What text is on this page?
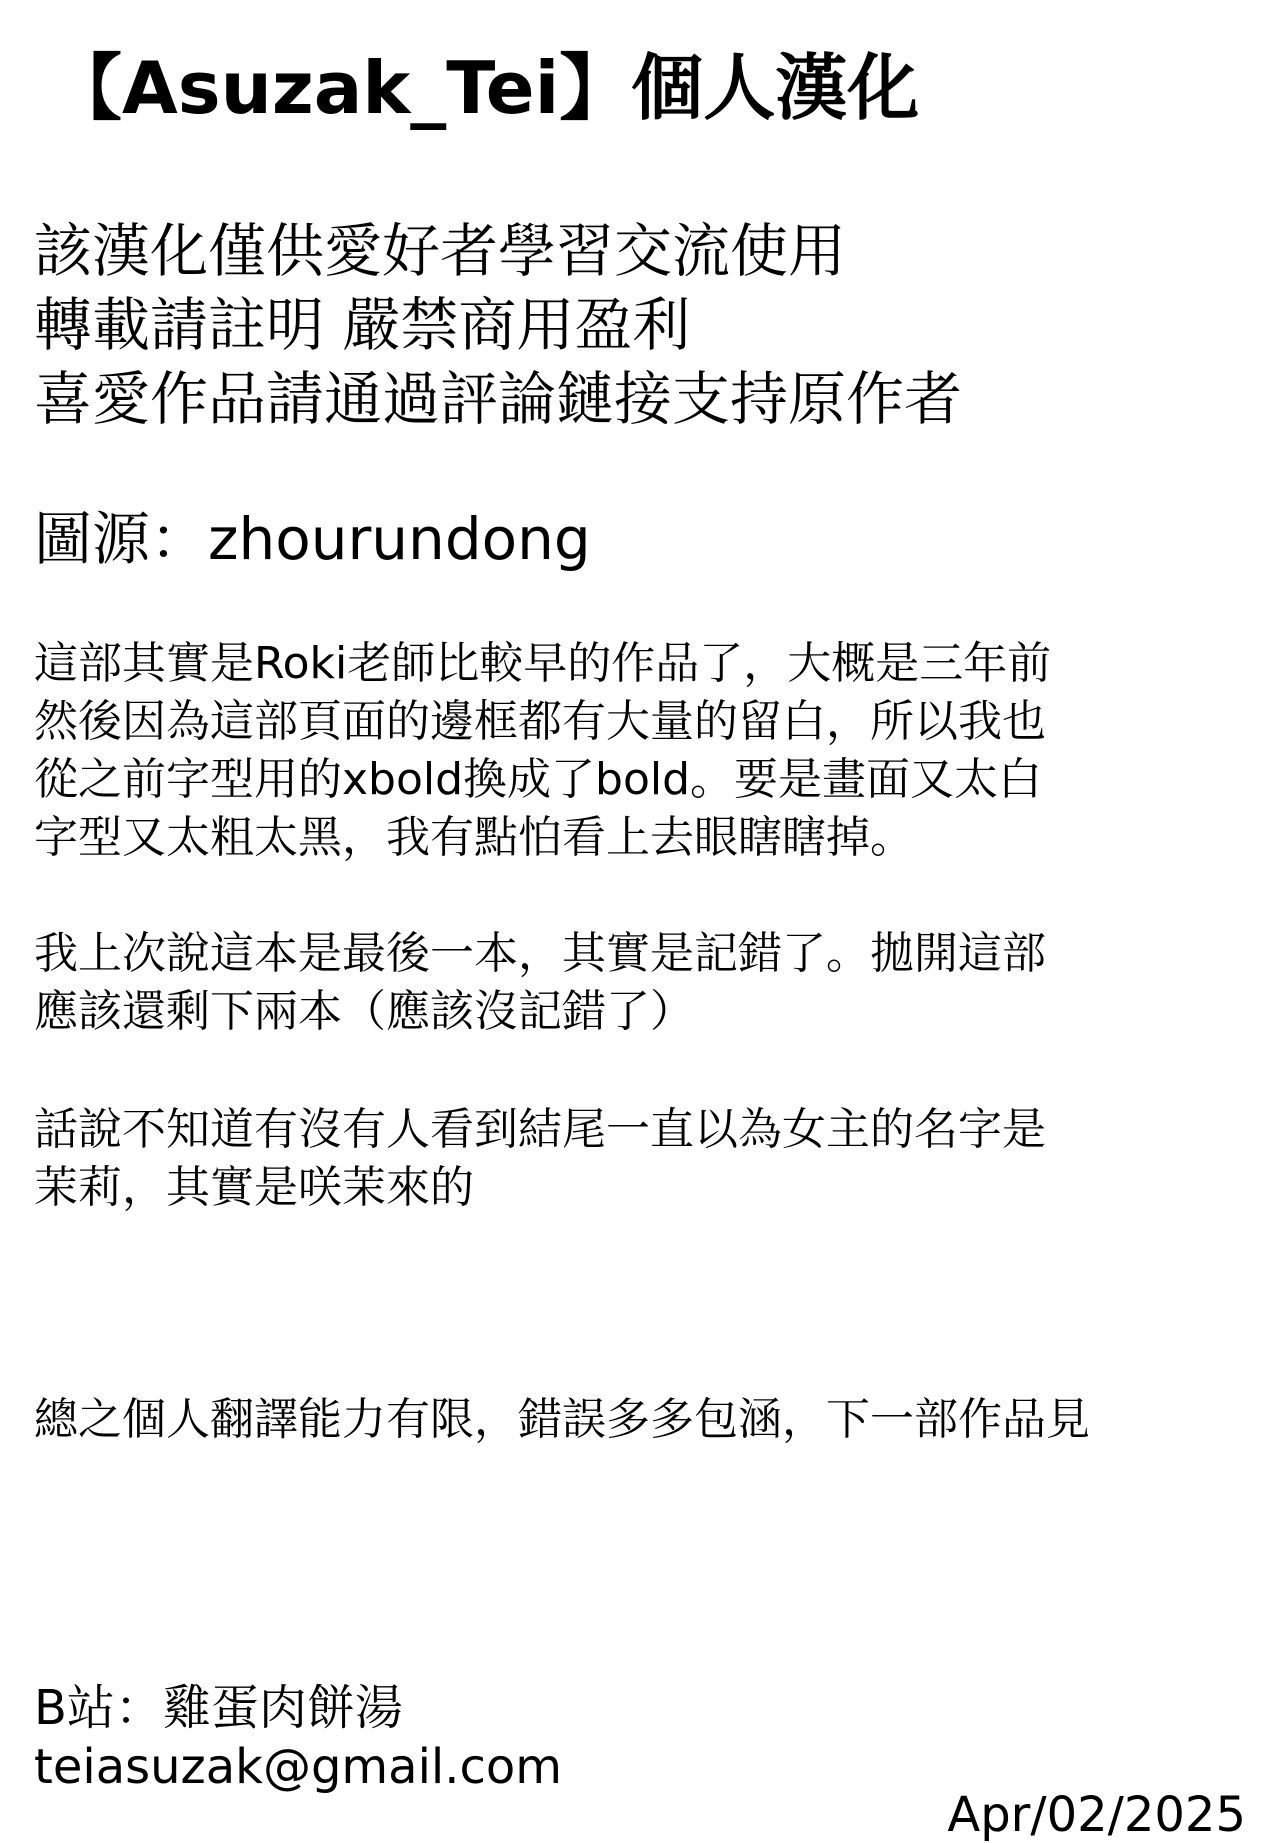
【Asuzak_Tei】個人漢化

該漢化僅供愛好者學習交流使用

轉載請註明 嚴禁商用盈利

喜愛作品請通過評論鏈接支持原作者

圖源：zhourundong

這部其實是Roki老師比較早的作品了，大概是三年前

然後因為這部頁面的邊框都有大量的留白，所以我也

從之前字型用的xbold換成了bold。要是畫面又太白

字型又太粗太黑，我有點怕看上去眼瞎瞎掉。

我上次說這本是最後一本，其實是記錯了。拋開這部

應該還剩下兩本（應該沒記錯了）

話說不知道有沒有人看到結尾一直以為女主的名字是

茉莉，其實是咲茉來的

總之個人翻譯能力有限，錯誤多多包涵，下一部作品見

B站：雞蛋肉餅湯

teiasuzak@gmail.com

Apr/02/2025
